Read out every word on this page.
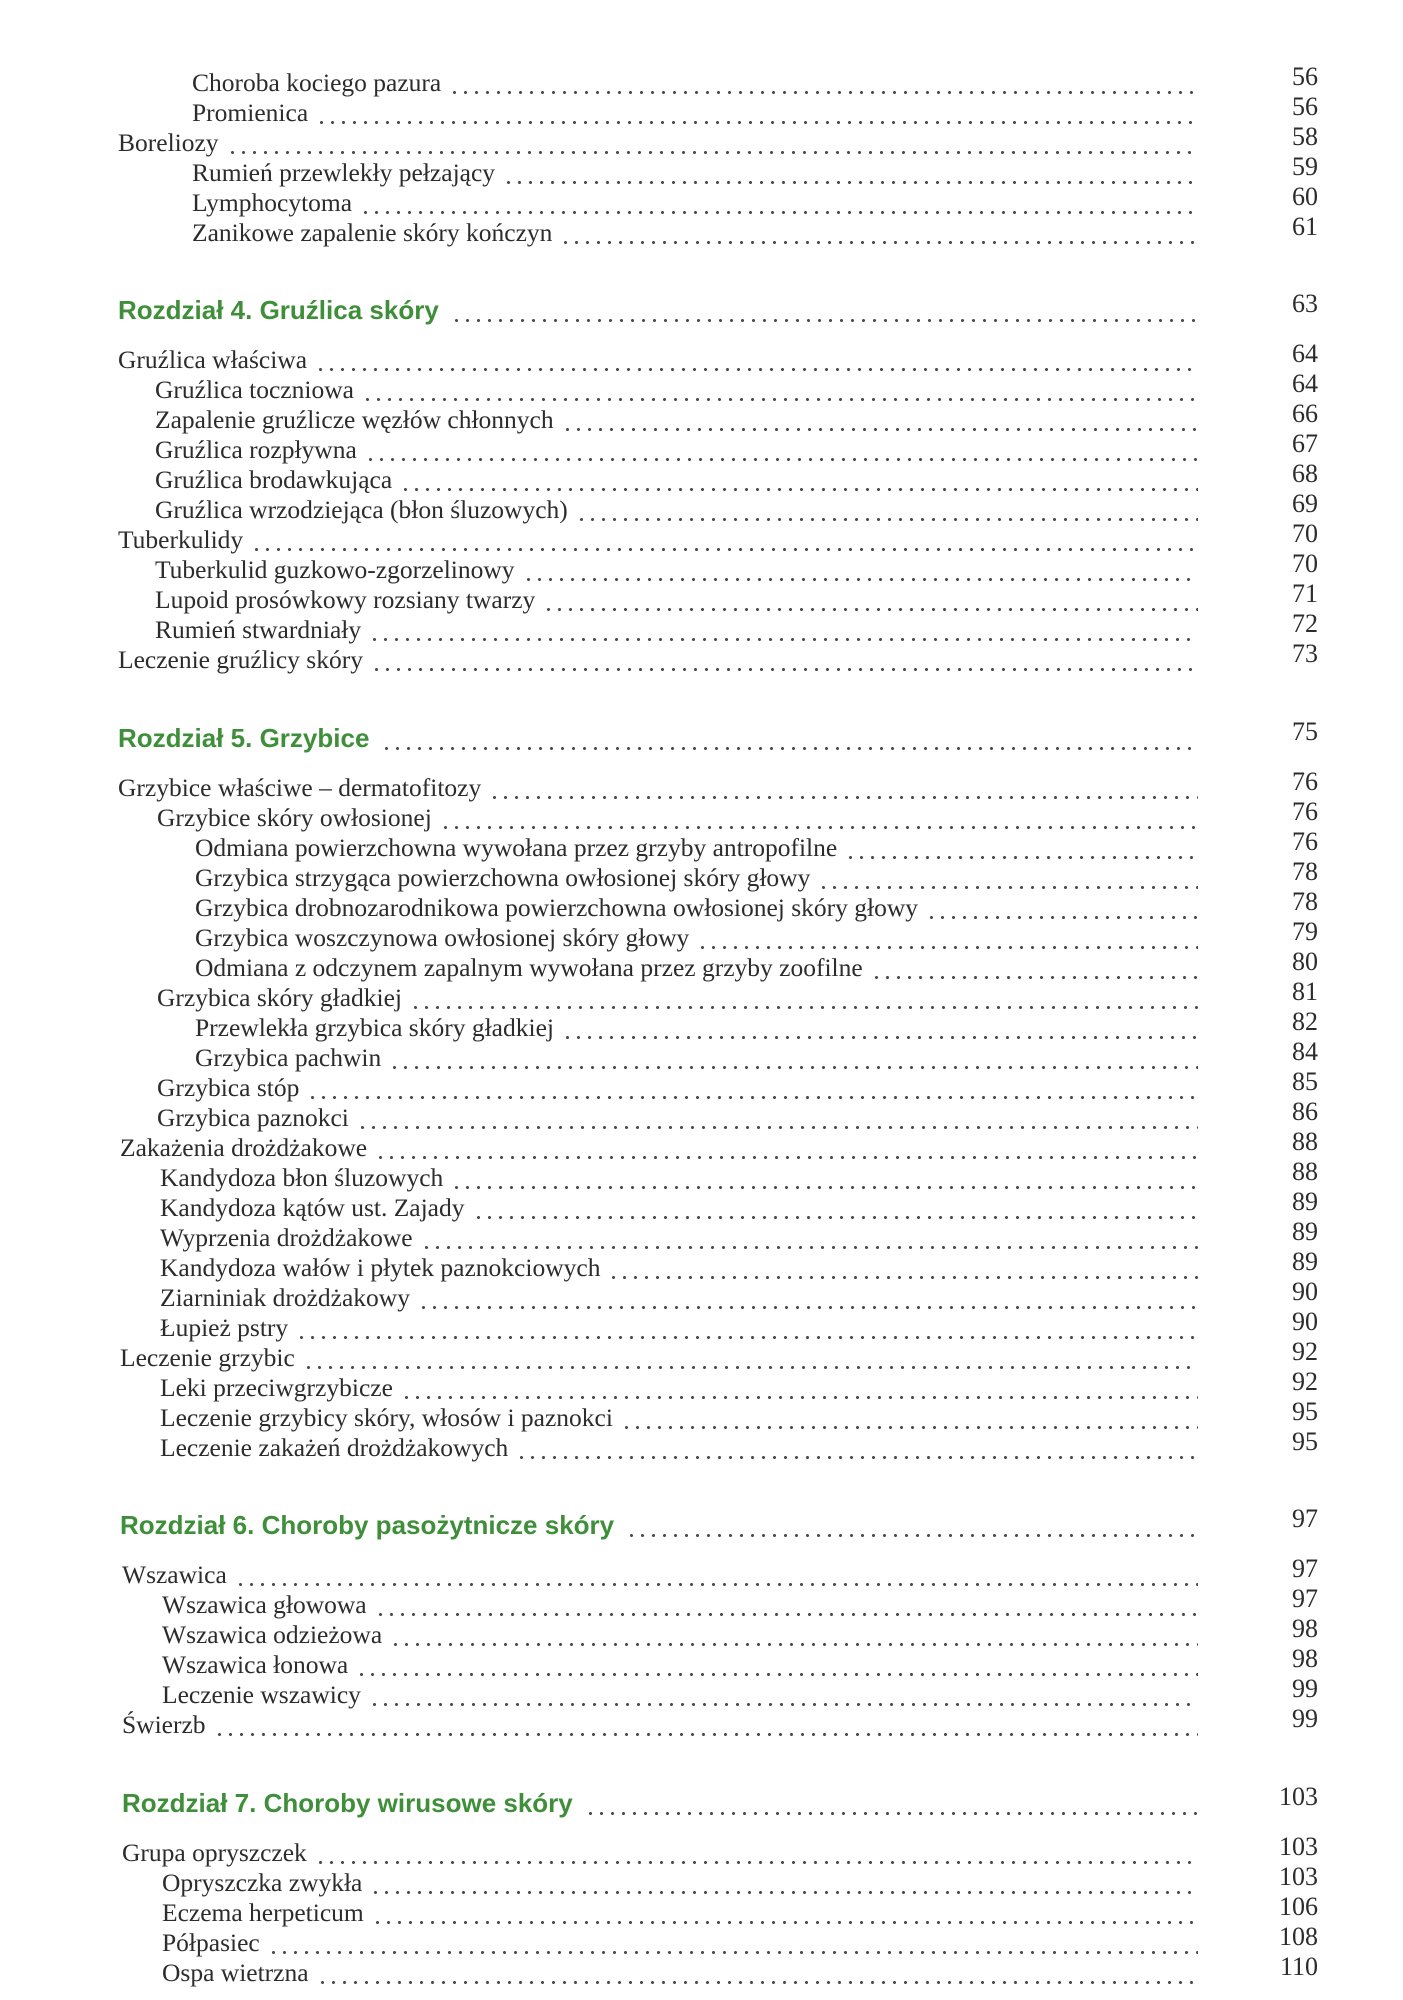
Choroba kociego pazura	56
Promienica	56
Boreliozy	58
Rumień przewlekły pełzający	59
Lymphocytoma	60
Zanikowe zapalenie skóry kończyn	61
Rozdział 4. Gruźlica skóry	63
Gruźlica właściwa	64
Gruźlica toczniowa	64
Zapalenie gruźlicze węzłów chłonnych	66
Gruźlica rozpływna	67
Gruźlica brodawkująca	68
Gruźlica wrzodziejąca (błon śluzowych)	69
Tuberkulidy	70
Tuberkulid guzkowo-zgorzelinowy	70
Lupoid prosówkowy rozsiany twarzy	71
Rumień stwardniały	72
Leczenie gruźlicy skóry	73
Rozdział 5. Grzybice	75
Grzybice właściwe – dermatofitozy	76
Grzybice skóry owłosionej	76
Odmiana powierzchowna wywołana przez grzyby antropofilne	76
Grzybica strzygąca powierzchowna owłosionej skóry głowy	78
Grzybica drobnozarodnikowa powierzchowna owłosionej skóry głowy	78
Grzybica woszczynowa owłosionej skóry głowy	79
Odmiana z odczynem zapalnym wywołana przez grzyby zoofilne	80
Grzybica skóry gładkiej	81
Przewlekła grzybica skóry gładkiej	82
Grzybica pachwin	84
Grzybica stóp	85
Grzybica paznokci	86
Zakażenia drożdżakowe	88
Kandydoza błon śluzowych	88
Kandydoza kątów ust. Zajady	89
Wyprzenia drożdżakowe	89
Kandydoza wałów i płytek paznokciowych	89
Ziarniniak drożdżakowy	90
Łupież pstry	90
Leczenie grzybic	92
Leki przeciwgrzybicze	92
Leczenie grzybicy skóry, włosów i paznokci	95
Leczenie zakażeń drożdżakowych	95
Rozdział 6. Choroby pasożytnicze skóry	97
Wszawica	97
Wszawica głowowa	97
Wszawica odzieżowa	98
Wszawica łonowa	98
Leczenie wszawicy	99
Świerzb	99
Rozdział 7. Choroby wirusowe skóry	103
Grupa opryszczek	103
Opryszczka zwykła	103
Eczema herpeticum	106
Półpasiec	108
Ospa wietrzna	110
